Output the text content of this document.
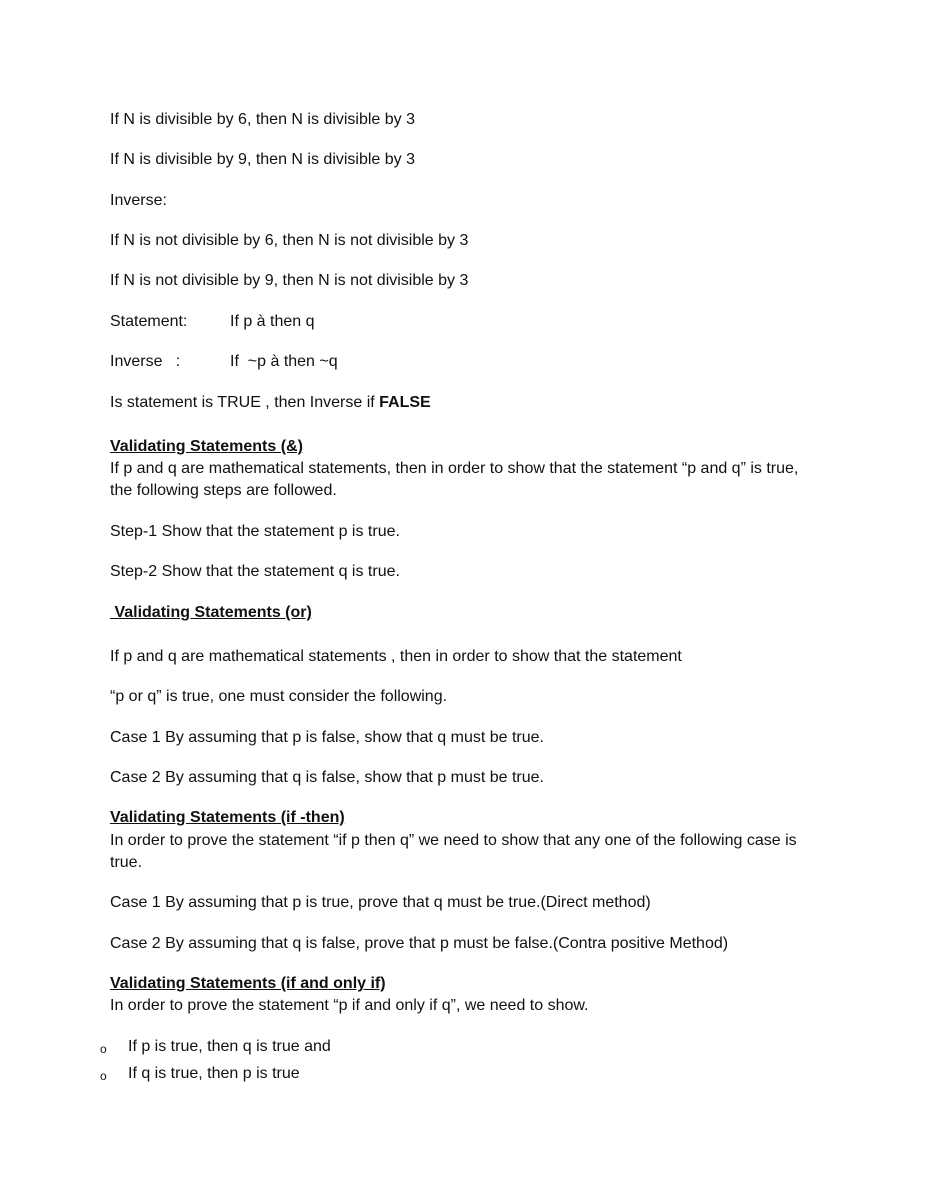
If N is divisible by 6, then N is divisible by 3
If N is divisible by 9, then N is divisible by 3
Inverse:
If N is not divisible by 6, then N is not divisible by 3
If N is not divisible by 9, then N is not divisible by 3
Statement:	If p à then q
Inverse   :	If  ~p à then ~q
Is statement is TRUE , then Inverse if FALSE
Validating Statements (&)
If p and q are mathematical statements, then in order to show that the statement “p and q” is true, the following steps are followed.
Step-1 Show that the statement p is true.
Step-2 Show that the statement q is true.
Validating Statements (or)
If p and q are mathematical statements , then in order to show that the statement
“p or q” is true, one must consider the following.
Case 1 By assuming that p is false, show that q must be true.
Case 2 By assuming that q is false, show that p must be true.
Validating Statements (if -then)
In order to prove the statement “if p then q” we need to show that any one of the following case is true.
Case 1 By assuming that p is true, prove that q must be true.(Direct method)
Case 2 By assuming that q is false, prove that p must be false.(Contra positive Method)
Validating Statements (if and only if)
In order to prove the statement “p if and only if q”, we need to show.
o If p is true, then q is true and
o If q is true, then p is true
